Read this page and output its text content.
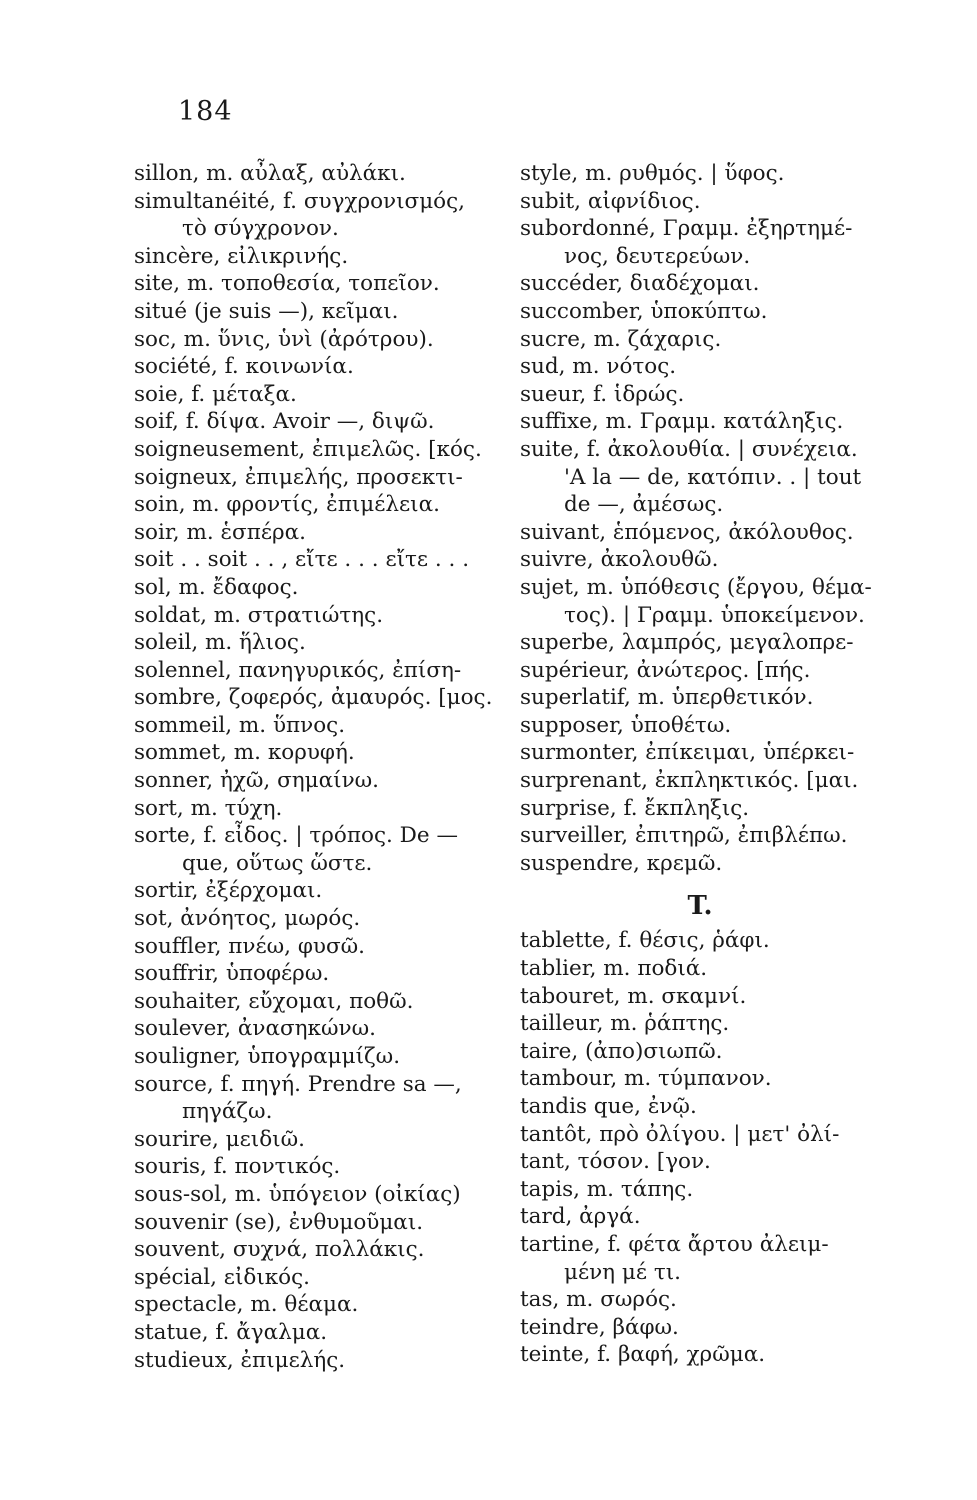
184
sillon, m. αὖλαξ, αὐλάκι.
simultanéité, f. συγχρονισμός,
τὸ σύγχρονον.
sincère, εἰλικρινής.
site, m. τοποθεσία, τοπεῖον.
situé (je suis —), κεῖμαι.
soc, m. ὕνις, ὑνὶ (ἀρότρου).
société, f. κοινωνία.
soie, f. μέταξα.
soif, f. δίψα. Avoir —, διψῶ.
soigneusement, ἐπιμελῶς. [κός.
soigneux, ἐπιμελής, προσεκτι-
soin, m. φροντίς, ἐπιμέλεια.
soir, m. ἑσπέρα.
soit . . soit . . , εἴτε . . . εἴτε . . .
sol, m. ἔδαφος.
soldat, m. στρατιώτης.
soleil, m. ἥλιος.
solennel, πανηγυρικός, ἐπίση-
sombre, ζοφερός, ἀμαυρός. [μος.
sommeil, m. ὕπνος.
sommet, m. κορυφή.
sonner, ἠχῶ, σημαίνω.
sort, m. τύχη.
sorte, f. εἶδος. | τρόπος. De —
que, οὕτως ὥστε.
sortir, ἐξέρχομαι.
sot, ἀνόητος, μωρός.
souffler, πνέω, φυσῶ.
souffrir, ὑποφέρω.
souhaiter, εὔχομαι, ποθῶ.
soulever, ἀνασηκώνω.
souligner, ὑπογραμμίζω.
source, f. πηγή. Prendre sa —,
πηγάζω.
sourire, μειδιῶ.
souris, f. ποντικός.
sous-sol, m. ὑπόγειον (οἰκίας)
souvenir (se), ἐνθυμοῦμαι.
souvent, συχνά, πολλάκις.
spécial, εἰδικός.
spectacle, m. θέαμα.
statue, f. ἄγαλμα.
studieux, ἐπιμελής.
style, m. ρυθμός. | ὕφος.
subit, αἰφνίδιος.
subordonné, Γραμμ. ἐξηρτημέ-
νος, δευτερεύων.
succéder, διαδέχομαι.
succomber, ὑποκύπτω.
sucre, m. ζάχαρις.
sud, m. νότος.
sueur, f. ἱδρώς.
suffixe, m. Γραμμ. κατάληξις.
suite, f. ἀκολουθία. | συνέχεια.
'A la — de, κατόπιν. . | tout
de —, ἀμέσως.
suivant, ἑπόμενος, ἀκόλουθος.
suivre, ἀκολουθῶ.
sujet, m. ὑπόθεσις (ἔργου, θέμα-
τος). | Γραμμ. ὑποκείμενον.
superbe, λαμπρός, μεγαλοπρε-
supérieur, ἀνώτερος. [πής.
superlatif, m. ὑπερθετικόν.
supposer, ὑποθέτω.
surmonter, ἐπίκειμαι, ὑπέρκει-
surprenant, ἐκπληκτικός. [μαι.
surprise, f. ἔκπληξις.
surveiller, ἐπιτηρῶ, ἐπιβλέπω.
suspendre, κρεμῶ.
T.
tablette, f. θέσις, ῥάφι.
tablier, m. ποδιά.
tabouret, m. σκαμνί.
tailleur, m. ῥάπτης.
taire, (ἀπο)σιωπῶ.
tambour, m. τύμπανον.
tandis que, ἐνῷ.
tantôt, πρὸ ὀλίγου. | μετ' ὀλί-
tant, τόσον. [γον.
tapis, m. τάπης.
tard, ἀργά.
tartine, f. φέτα ἄρτου ἀλειμ-
μένη μέ τι.
tas, m. σωρός.
teindre, βάφω.
teinte, f. βαφή, χρῶμα.
